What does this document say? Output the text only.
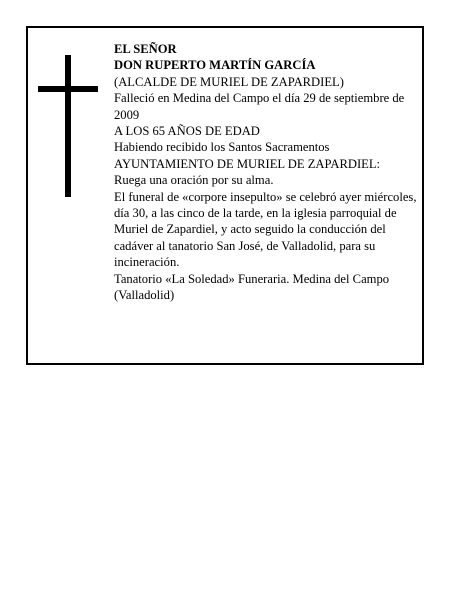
EL SEÑOR

DON RUPERTO MARTÍN GARCÍA

(ALCALDE DE MURIEL DE ZAPARDIEL)

Falleció en Medina del Campo el día 29 de septiembre de 2009

A LOS 65 AÑOS DE EDAD

Habiendo recibido los Santos Sacramentos

AYUNTAMIENTO DE MURIEL DE ZAPARDIEL:

Ruega una oración por su alma.

El funeral de «corpore insepulto» se celebró ayer miércoles, día 30, a las cinco de la tarde, en la iglesia parroquial de Muriel de Zapardiel, y acto seguido la conducción del cadáver al tanatorio San José, de Valladolid, para su incineración.

Tanatorio «La Soledad» Funeraria. Medina del Campo (Valladolid)
